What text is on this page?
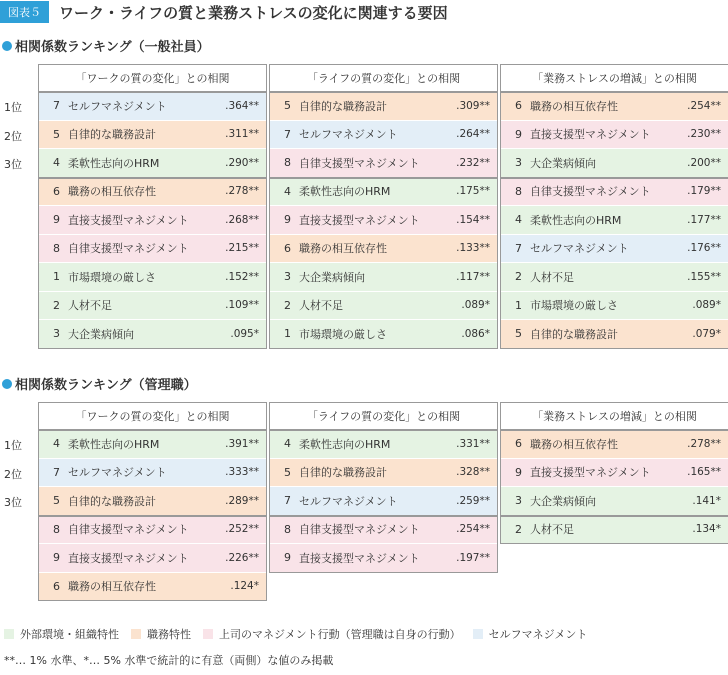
図表５	ワーク・ライフの質と業務ストレスの変化に関連する要因
相関係数ランキング（一般社員）
1位
2位
3位
「ワークの質の変化」との相関
7 セルフマネジメント	.364**
5 自律的な職務設計	.311**
4 柔軟性志向のHRM	.290**
6 職務の相互依存性	.278**
9 直接支援型マネジメント	.268**
8 自律支援型マネジメント	.215**
1 市場環境の厳しさ	.152**
2 人材不足	.109**
3 大企業病傾向	.095*
「ライフの質の変化」との相関
5 自律的な職務設計	.309**
7 セルフマネジメント	.264**
8 自律支援型マネジメント	.232**
4 柔軟性志向のHRM	.175**
9 直接支援型マネジメント	.154**
6 職務の相互依存性	.133**
3 大企業病傾向	.117**
2 人材不足	.089*
1 市場環境の厳しさ	.086*
「業務ストレスの増減」との相関
6 職務の相互依存性	.254**
9 直接支援型マネジメント	.230**
3 大企業病傾向	.200**
8 自律支援型マネジメント	.179**
4 柔軟性志向のHRM	.177**
7 セルフマネジメント	.176**
2 人材不足	.155**
1 市場環境の厳しさ	.089*
5 自律的な職務設計	.079*
相関係数ランキング（管理職）
1位
2位
3位
「ワークの質の変化」との相関
4 柔軟性志向のHRM	.391**
7 セルフマネジメント	.333**
5 自律的な職務設計	.289**
8 自律支援型マネジメント	.252**
9 直接支援型マネジメント	.226**
6 職務の相互依存性	.124*
「ライフの質の変化」との相関
4 柔軟性志向のHRM	.331**
5 自律的な職務設計	.328**
7 セルフマネジメント	.259**
8 自律支援型マネジメント	.254**
9 直接支援型マネジメント	.197**
「業務ストレスの増減」との相関
6 職務の相互依存性	.278**
9 直接支援型マネジメント	.165**
3 大企業病傾向	.141*
2 人材不足	.134*
外部環境・組織特性	職務特性	上司のマネジメント行動（管理職は自身の行動）	セルフマネジメント
**… 1% 水準、*… 5% 水準で統計的に有意（両側）な値のみ掲載
